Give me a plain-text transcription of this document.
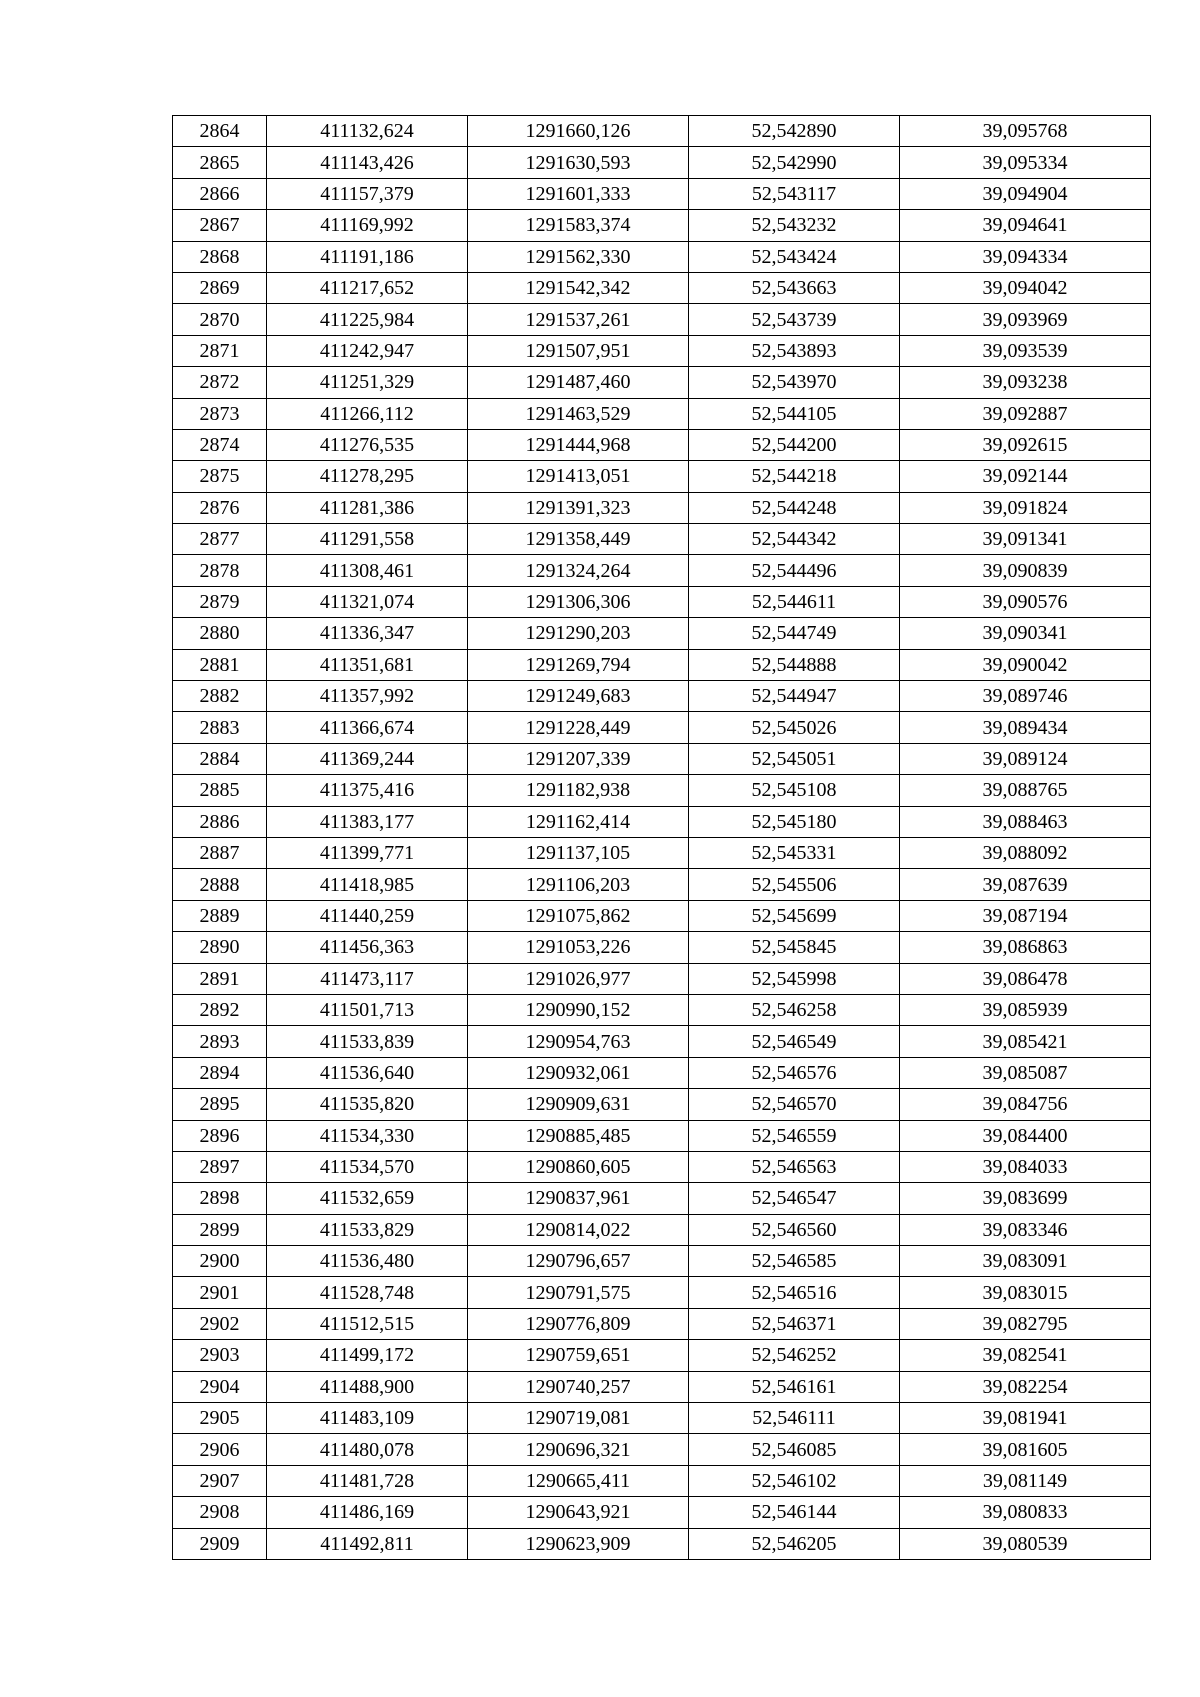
2864	411132,624	1291660,126	52,542890	39,095768
2865	411143,426	1291630,593	52,542990	39,095334
2866	411157,379	1291601,333	52,543117	39,094904
2867	411169,992	1291583,374	52,543232	39,094641
2868	411191,186	1291562,330	52,543424	39,094334
2869	411217,652	1291542,342	52,543663	39,094042
2870	411225,984	1291537,261	52,543739	39,093969
2871	411242,947	1291507,951	52,543893	39,093539
2872	411251,329	1291487,460	52,543970	39,093238
2873	411266,112	1291463,529	52,544105	39,092887
2874	411276,535	1291444,968	52,544200	39,092615
2875	411278,295	1291413,051	52,544218	39,092144
2876	411281,386	1291391,323	52,544248	39,091824
2877	411291,558	1291358,449	52,544342	39,091341
2878	411308,461	1291324,264	52,544496	39,090839
2879	411321,074	1291306,306	52,544611	39,090576
2880	411336,347	1291290,203	52,544749	39,090341
2881	411351,681	1291269,794	52,544888	39,090042
2882	411357,992	1291249,683	52,544947	39,089746
2883	411366,674	1291228,449	52,545026	39,089434
2884	411369,244	1291207,339	52,545051	39,089124
2885	411375,416	1291182,938	52,545108	39,088765
2886	411383,177	1291162,414	52,545180	39,088463
2887	411399,771	1291137,105	52,545331	39,088092
2888	411418,985	1291106,203	52,545506	39,087639
2889	411440,259	1291075,862	52,545699	39,087194
2890	411456,363	1291053,226	52,545845	39,086863
2891	411473,117	1291026,977	52,545998	39,086478
2892	411501,713	1290990,152	52,546258	39,085939
2893	411533,839	1290954,763	52,546549	39,085421
2894	411536,640	1290932,061	52,546576	39,085087
2895	411535,820	1290909,631	52,546570	39,084756
2896	411534,330	1290885,485	52,546559	39,084400
2897	411534,570	1290860,605	52,546563	39,084033
2898	411532,659	1290837,961	52,546547	39,083699
2899	411533,829	1290814,022	52,546560	39,083346
2900	411536,480	1290796,657	52,546585	39,083091
2901	411528,748	1290791,575	52,546516	39,083015
2902	411512,515	1290776,809	52,546371	39,082795
2903	411499,172	1290759,651	52,546252	39,082541
2904	411488,900	1290740,257	52,546161	39,082254
2905	411483,109	1290719,081	52,546111	39,081941
2906	411480,078	1290696,321	52,546085	39,081605
2907	411481,728	1290665,411	52,546102	39,081149
2908	411486,169	1290643,921	52,546144	39,080833
2909	411492,811	1290623,909	52,546205	39,080539
